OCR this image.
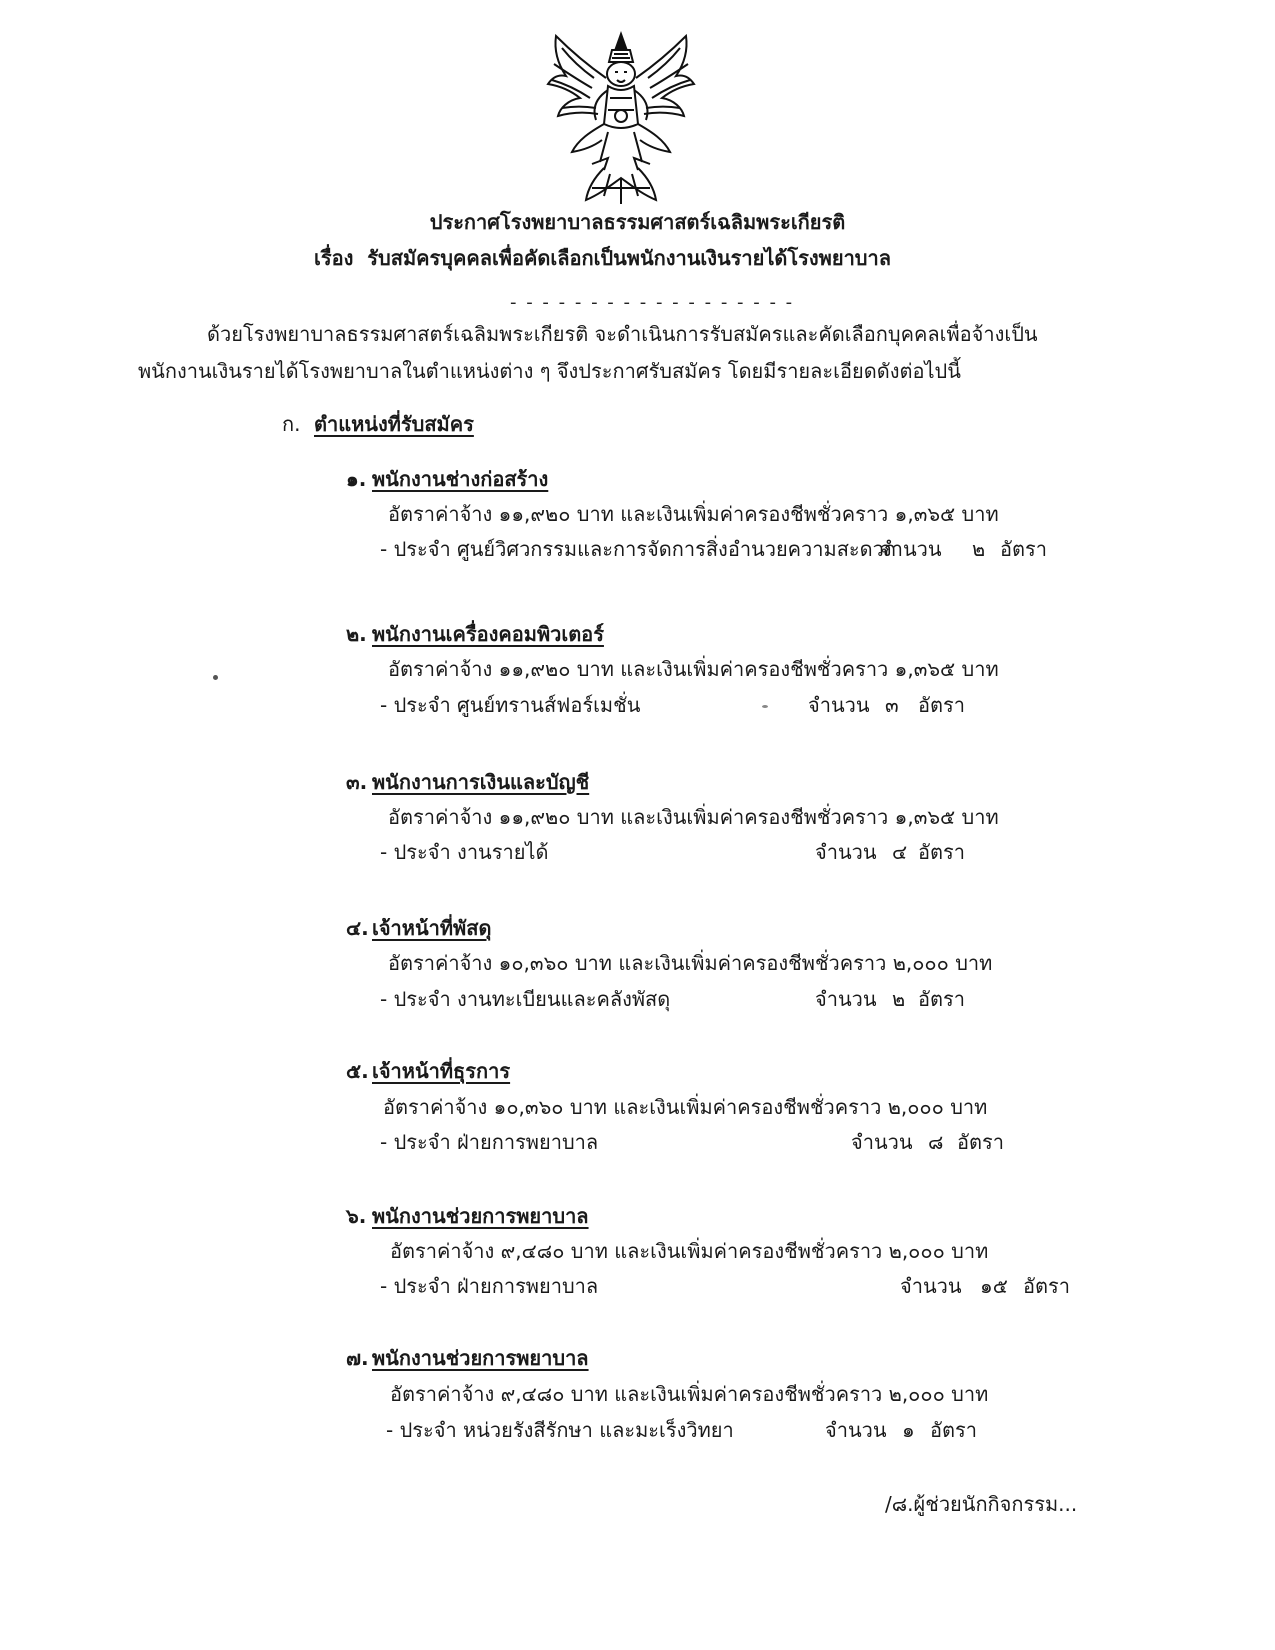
ประกาศโรงพยาบาลธรรมศาสตร์เฉลิมพระเกียรติ
เรื่อง รับสมัครบุคคลเพื่อคัดเลือกเป็นพนักงานเงินรายได้โรงพยาบาล
- - - - - - - - - - - - - - - - - -
ด้วยโรงพยาบาลธรรมศาสตร์เฉลิมพระเกียรติ จะดำเนินการรับสมัครและคัดเลือกบุคคลเพื่อจ้างเป็น
พนักงานเงินรายได้โรงพยาบาลในตำแหน่งต่าง ๆ จึงประกาศรับสมัคร โดยมีรายละเอียดดังต่อไปนี้
ก. ตำแหน่งที่รับสมัคร
๑. พนักงานช่างก่อสร้าง
อัตราค่าจ้าง ๑๑,๙๒๐ บาท และเงินเพิ่มค่าครองชีพชั่วคราว ๑,๓๖๕ บาท
- ประจำ ศูนย์วิศวกรรมและการจัดการสิ่งอำนวยความสะดวก
จำนวน ๒ อัตรา
๒. พนักงานเครื่องคอมพิวเตอร์
อัตราค่าจ้าง ๑๑,๙๒๐ บาท และเงินเพิ่มค่าครองชีพชั่วคราว ๑,๓๖๕ บาท
- ประจำ ศูนย์ทรานส์ฟอร์เมชั่น	จำนวน ๓ อัตรา
๓. พนักงานการเงินและบัญชี
อัตราค่าจ้าง ๑๑,๙๒๐ บาท และเงินเพิ่มค่าครองชีพชั่วคราว ๑,๓๖๕ บาท
- ประจำ งานรายได้	จำนวน ๔ อัตรา
๔. เจ้าหน้าที่พัสดุ
อัตราค่าจ้าง ๑๐,๓๖๐ บาท และเงินเพิ่มค่าครองชีพชั่วคราว ๒,๐๐๐ บาท
- ประจำ งานทะเบียนและคลังพัสดุ	จำนวน ๒ อัตรา
๕. เจ้าหน้าที่ธุรการ
อัตราค่าจ้าง ๑๐,๓๖๐ บาท และเงินเพิ่มค่าครองชีพชั่วคราว ๒,๐๐๐ บาท
- ประจำ ฝ่ายการพยาบาล	จำนวน ๘ อัตรา
๖. พนักงานช่วยการพยาบาล
อัตราค่าจ้าง ๙,๔๘๐ บาท และเงินเพิ่มค่าครองชีพชั่วคราว ๒,๐๐๐ บาท
- ประจำ ฝ่ายการพยาบาล	จำนวน ๑๕ อัตรา
๗. พนักงานช่วยการพยาบาล
อัตราค่าจ้าง ๙,๔๘๐ บาท และเงินเพิ่มค่าครองชีพชั่วคราว ๒,๐๐๐ บาท
- ประจำ หน่วยรังสีรักษา และมะเร็งวิทยา	จำนวน ๑ อัตรา
/๘.ผู้ช่วยนักกิจกรรม...
